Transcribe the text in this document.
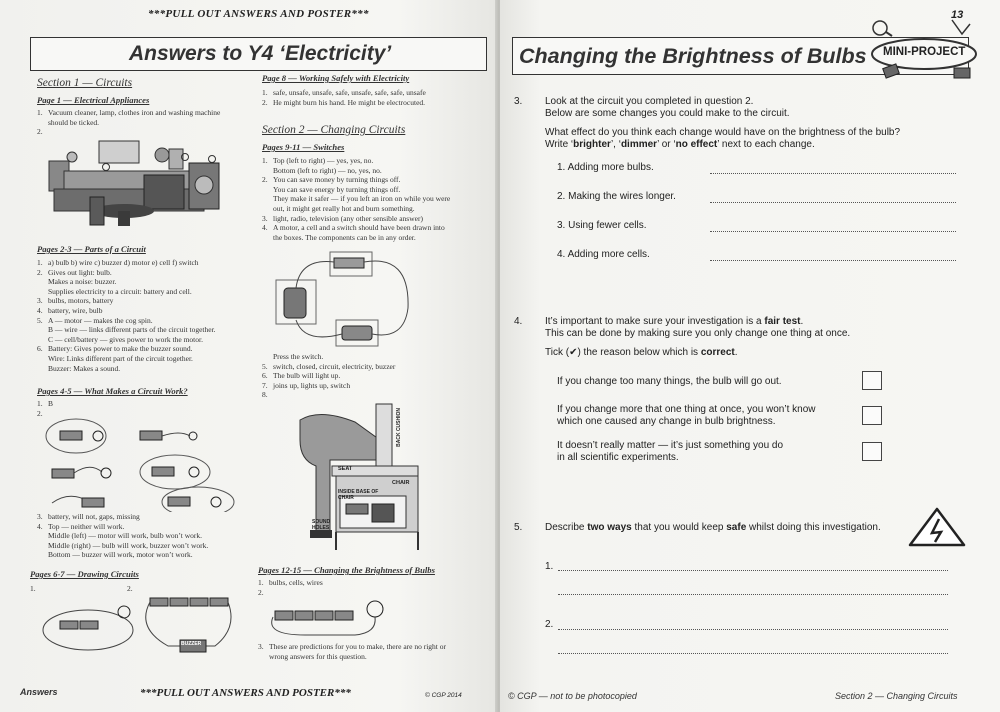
***PULL OUT ANSWERS AND POSTER***
Answers to Y4 ‘Electricity’
Section 1 — Circuits
Page 1 — Electrical Appliances
1. Vacuum cleaner, lamp, clothes iron and washing machine
should be ticked.
2.
Pages 2-3 — Parts of a Circuit
1. a) bulb b) wire c) buzzer d) motor e) cell f) switch
2. Gives out light: bulb.
Makes a noise: buzzer.
Supplies electricity to a circuit: battery and cell.
3. bulbs, motors, battery
4. battery, wire, bulb
5. A — motor — makes the cog spin.
B — wire — links different parts of the circuit together.
C — cell/battery — gives power to work the motor.
6. Battery: Gives power to make the buzzer sound.
Wire: Links different part of the circuit together.
Buzzer: Makes a sound.
Pages 4-5 — What Makes a Circuit Work?
1. B
2.
3. battery, will not, gaps, missing
4. Top — neither will work.
Middle (left) — motor will work, bulb won’t work.
Middle (right) — bulb will work, buzzer won’t work.
Bottom — buzzer will work, motor won’t work.
Pages 6-7 — Drawing Circuits
1.	2.
BUZZER
Page 8 — Working Safely with Electricity
1. safe, unsafe, unsafe, safe, unsafe, safe, safe, unsafe
2. He might burn his hand. He might be electrocuted.
Section 2 — Changing Circuits
Pages 9-11 — Switches
1. Top (left to right) — yes, yes, no.
Bottom (left to right) — no, yes, no.
2. You can save money by turning things off.
You can save energy by turning things off.
They make it safer — if you left an iron on while you were
out, it might get really hot and burn something.
3. light, radio, television (any other sensible answer)
4. A motor, a cell and a switch should have been drawn into
the boxes. The components can be in any order.
Press the switch.
5. switch, closed, circuit, electricity, buzzer
6. The bulb will light up.
7. joins up, lights up, switch
8.
BACK CUSHION
SEAT
CHAIR
INSIDE BASE OF CHAIR
SOUND HOLES
Pages 12-15 — Changing the Brightness of Bulbs
1. bulbs, cells, wires
2.
3. These are predictions for you to make, there are no right or
wrong answers for this question.
Answers	***PULL OUT ANSWERS AND POSTER***	© CGP 2014
13
Changing the Brightness of Bulbs MINI-PROJECT
3. Look at the circuit you completed in question 2.
Below are some changes you could make to the circuit.
What effect do you think each change would have on the brightness of the bulb?
Write ‘brighter’, ‘dimmer’ or ‘no effect’ next to each change.
1. Adding more bulbs.
2. Making the wires longer.
3. Using fewer cells.
4. Adding more cells.
4. It’s important to make sure your investigation is a fair test.
This can be done by making sure you only change one thing at once.
Tick (✔) the reason below which is correct.
If you change too many things, the bulb will go out.
If you change more that one thing at once, you won’t know
which one caused any change in bulb brightness.
It doesn’t really matter — it’s just something you do
in all scientific experiments.
5. Describe two ways that you would keep safe whilst doing this investigation.
1.
2.
© CGP — not to be photocopied	Section 2 — Changing Circuits
